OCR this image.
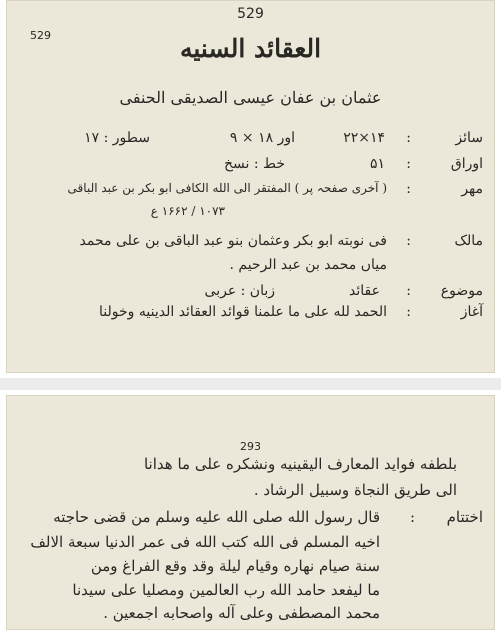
529
529	العقائد السنيه
عثمان بن عفان عيسى الصديقى الحنفى
سائز
:
۲۲×۱۴
اور ۱۸ × ۹
سطور : ۱۷
اوراق
:
۵۱
خط : نسخ
مهر
:
( آخرى صفحہ پر ) المفتقر الى الله الكافى ابو بكر بن عبد الباقى
۱۰۷۳ / ۱۶۶۲ ع
مالک
:
فى نوبته ابو بكر وعثمان بنو عبد الباقى بن على محمد
میاں محمد بن عبد الرحیم .
موضوع
:
عقائد
زبان : عربى
آغاز
:
الحمد لله على ما علمنا قوائد العقائد الدينيه وخولنا
293
بلطفه فوايد المعارف اليقينيه ونشكره على ما هدانا
الى طريق النجاة وسبيل الرشاد .
اختتام
:
قال رسول الله صلى الله عليه وسلم من قضى حاجته
اخيه المسلم فى الله كتب الله فى عمر الدنيا سبعة الالف
سنة صيام نهاره وقيام ليلة وقد وقع الفراغ ومن
ما ليفعد حامد الله رب العالمين ومصليا على سيدنا
محمد المصطفى وعلى آله واصحابه اجمعين .
